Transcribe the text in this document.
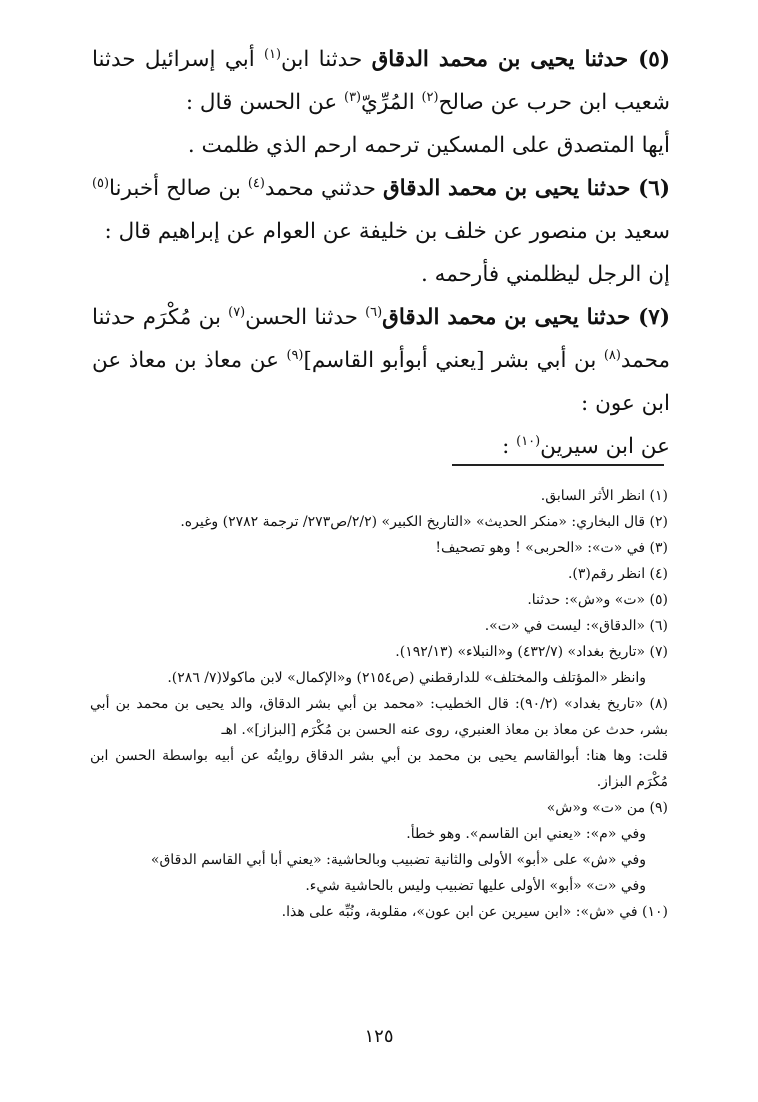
(٥) حدثنا يحيى بن محمد الدقاق حدثنا ابن$^{(١)}$ أبي إسرائيل حدثنا شعيب ابن حرب عن صالح$^{(٢)}$ المُرِّيّ$^{(٣)}$ عن الحسن قال :

أيها المتصدق على المسكين ترحمه ارحم الذي ظلمت .

(٦) حدثنا يحيى بن محمد الدقاق حدثني محمد$^{(٤)}$ بن صالح أخبرنا$^{(٥)}$ سعيد بن منصور عن خلف بن خليفة عن العوام عن إبراهيم قال :

إن الرجل ليظلمني فأرحمه .

(٧) حدثنا يحيى بن محمد الدقاق$^{(٦)}$ حدثنا الحسن$^{(٧)}$ بن مُكْرَم حدثنا محمد$^{(٨)}$ بن أبي بشر [يعني أبوأبو القاسم]$^{(٩)}$ عن معاذ بن معاذ عن ابن عون :

عن ابن سيرين$^{(١٠)}$ :

(١) انظر الأثر السابق.

(٢) قال البخاري: «منكر الحديث» «التاريخ الكبير» (٢/٢/ص٢٧٣/ ترجمة ٢٧٨٢) وغيره.

(٣) في «ت»: «الحربى» ! وهو تصحيف!

(٤) انظر رقم(٣).

(٥) «ت» و«ش»: حدثنا.

(٦) «الدقاق»: ليست في «ت».

(٧) «تاريخ بغداد» (٤٣٢/٧) و«النبلاء» (١٩٢/١٣).

وانظر «المؤتلف والمختلف» للدارقطني (ص٢١٥٤) و«الإكمال» لابن ماكولا(٧/ ٢٨٦).

(٨) «تاريخ بغداد» (٩٠/٢): قال الخطيب: «محمد بن أبي بشر الدقاق، والد يحيى بن محمد بن أبي بشر، حدث عن معاذ بن معاذ العنبري، روى عنه الحسن بن مُكْرَم [البزاز]». اهـ

قلت: وها هنا: أبوالقاسم يحيى بن محمد بن أبي بشر الدقاق روايتُه عن أبيه بواسطة الحسن ابن مُكْرَم البزاز.

(٩) من «ت» و«ش»

وفي «م»: «يعني ابن القاسم». وهو خطأ.

وفي «ش» على «أبو» الأولى والثانية تضبيب وبالحاشية: «يعني أبا أبي القاسم الدقاق»

وفي «ت» «أبو» الأولى عليها تضبيب وليس بالحاشية شيء.

(١٠) في «ش»: «ابن سيرين عن ابن عون»، مقلوبة، ونُبِّه على هذا.

١٢٥
